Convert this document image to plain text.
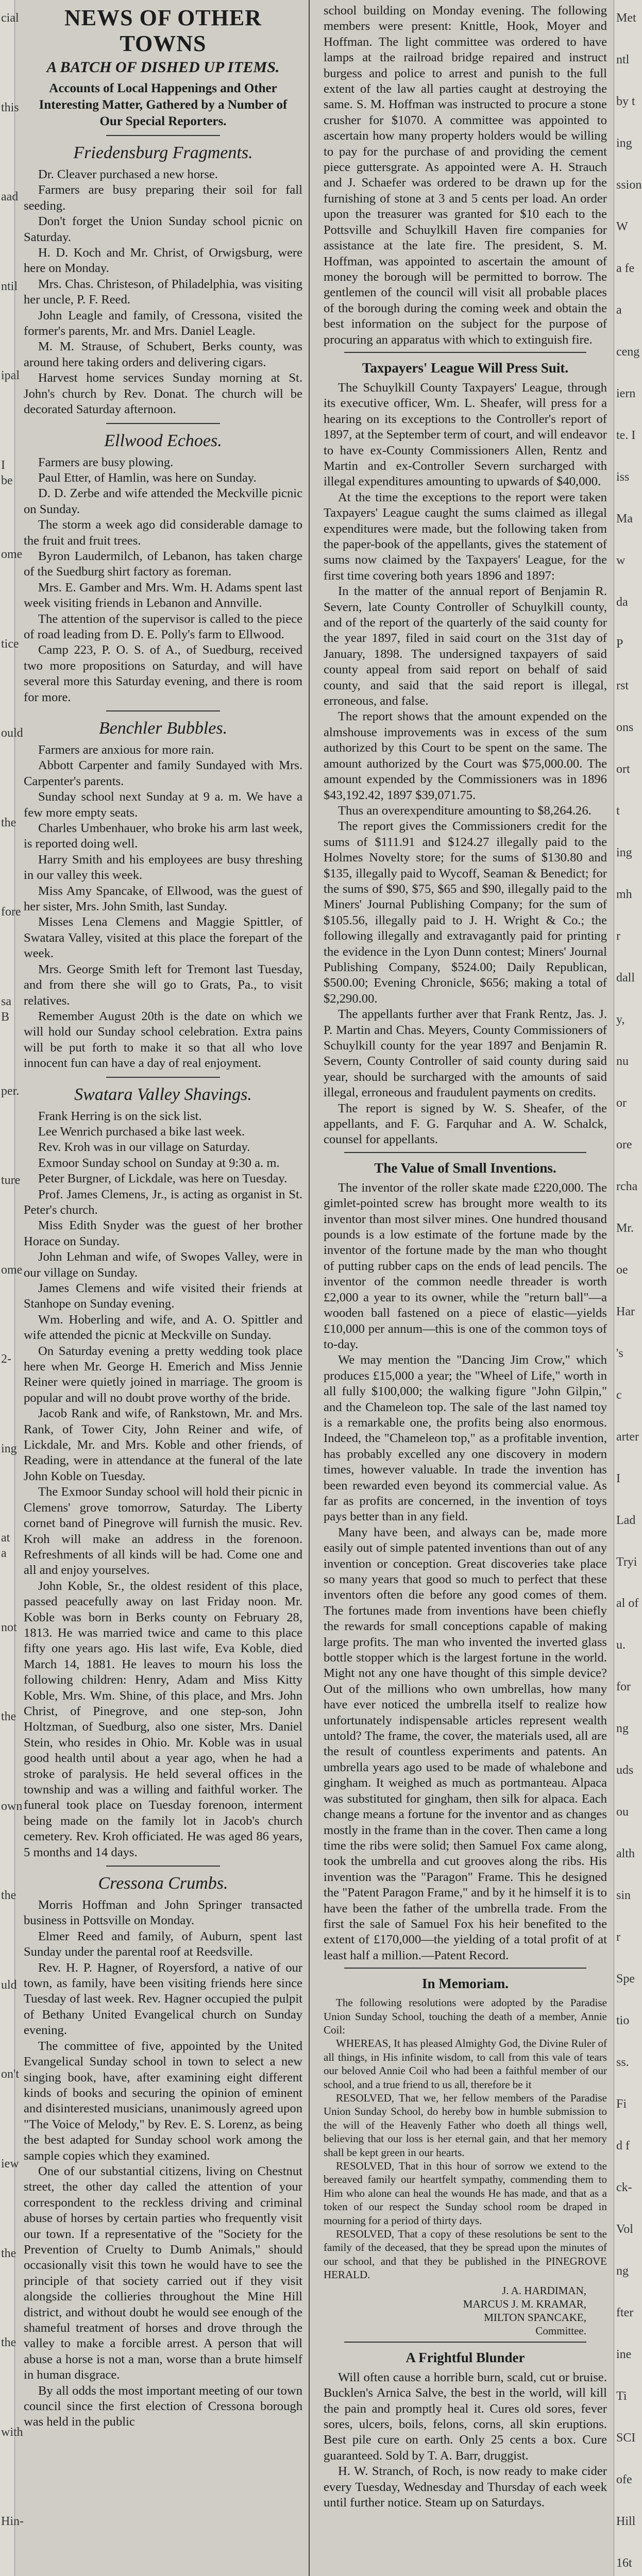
cial
this
aad
ntil
ipal
I be
ome
tice
ould
the
fore
sa B
per.
ture
ome
2-
ing
at a
not
the
own
the
uld
on't
iew
the
the
with
Hin-
Met
ntl
by t
ing
ssion
W
a fe
a
ceng
iern
te. I
iss
Ma
w
da
P
rst
ons
ort
t
ing
mh
r
dall
y,
nu
or
ore
rcha
Mr.
oe
Har
's
c
arter
I
Lad
Tryi
al of
u.
for
ng
uds
ou
alth
sin
r
Spe
tio
ss.
Fi
d f
ck-
Vol
ng
fter
ine
Ti
SCI
ofe
Hill
16t
NEWS OF OTHER TOWNS
A BATCH OF DISHED UP ITEMS.
Accounts of Local Happenings and Other Interesting Matter, Gathered by a Number of Our Special Reporters.
Friedensburg Fragments.

Dr. Cleaver purchased a new horse.

Farmers are busy preparing their soil for fall seeding.

Don't forget the Union Sunday school picnic on Saturday.

H. D. Koch and Mr. Christ, of Orwigsburg, were here on Monday.

Mrs. Chas. Christeson, of Philadelphia, was visiting her uncle, P. F. Reed.

John Leagle and family, of Cressona, visited the former's parents, Mr. and Mrs. Daniel Leagle.

M. M. Strause, of Schubert, Berks county, was around here taking orders and delivering cigars.

Harvest home services Sunday morning at St. John's church by Rev. Donat. The church will be decorated Saturday afternoon.

Ellwood Echoes.

Farmers are busy plowing.

Paul Etter, of Hamlin, was here on Sunday.

D. D. Zerbe and wife attended the Meckville picnic on Sunday.

The storm a week ago did considerable damage to the fruit and fruit trees.

Byron Laudermilch, of Lebanon, has taken charge of the Suedburg shirt factory as foreman.

Mrs. E. Gamber and Mrs. Wm. H. Adams spent last week visiting friends in Lebanon and Annville.

The attention of the supervisor is called to the piece of road leading from D. E. Polly's farm to Ellwood.

Camp 223, P. O. S. of A., of Suedburg, received two more propositions on Saturday, and will have several more this Saturday evening, and there is room for more.

Benchler Bubbles.

Farmers are anxious for more rain.

Abbott Carpenter and family Sundayed with Mrs. Carpenter's parents.

Sunday school next Sunday at 9 a. m. We have a few more empty seats.

Charles Umbenhauer, who broke his arm last week, is reported doing well.

Harry Smith and his employees are busy threshing in our valley this week.

Miss Amy Spancake, of Ellwood, was the guest of her sister, Mrs. John Smith, last Sunday.

Misses Lena Clemens and Maggie Spittler, of Swatara Valley, visited at this place the forepart of the week.

Mrs. George Smith left for Tremont last Tuesday, and from there she will go to Grats, Pa., to visit relatives.

Remember August 20th is the date on which we will hold our Sunday school celebration. Extra pains will be put forth to make it so that all who love innocent fun can have a day of real enjoyment.

Swatara Valley Shavings.

Frank Herring is on the sick list.

Lee Wenrich purchased a bike last week.

Rev. Kroh was in our village on Saturday.

Exmoor Sunday school on Sunday at 9:30 a. m.

Peter Burgner, of Lickdale, was here on Tuesday.

Prof. James Clemens, Jr., is acting as organist in St. Peter's church.

Miss Edith Snyder was the guest of her brother Horace on Sunday.

John Lehman and wife, of Swopes Valley, were in our village on Sunday.

James Clemens and wife visited their friends at Stanhope on Sunday evening.

Wm. Hoberling and wife, and A. O. Spittler and wife attended the picnic at Meckville on Sunday.

On Saturday evening a pretty wedding took place here when Mr. George H. Emerich and Miss Jennie Reiner were quietly joined in marriage. The groom is popular and will no doubt prove worthy of the bride.

Jacob Rank and wife, of Rankstown, Mr. and Mrs. Rank, of Tower City, John Reiner and wife, of Lickdale, Mr. and Mrs. Koble and other friends, of Reading, were in attendance at the funeral of the late John Koble on Tuesday.

The Exmoor Sunday school will hold their picnic in Clemens' grove tomorrow, Saturday. The Liberty cornet band of Pinegrove will furnish the music. Rev. Kroh will make an address in the forenoon. Refreshments of all kinds will be had. Come one and all and enjoy yourselves.

John Koble, Sr., the oldest resident of this place, passed peacefully away on last Friday noon. Mr. Koble was born in Berks county on February 28, 1813. He was married twice and came to this place fifty one years ago. His last wife, Eva Koble, died March 14, 1881. He leaves to mourn his loss the following children: Henry, Adam and Miss Kitty Koble, Mrs. Wm. Shine, of this place, and Mrs. John Christ, of Pinegrove, and one step-son, John Holtzman, of Suedburg, also one sister, Mrs. Daniel Stein, who resides in Ohio. Mr. Koble was in usual good health until about a year ago, when he had a stroke of paralysis. He held several offices in the township and was a willing and faithful worker. The funeral took place on Tuesday forenoon, interment being made on the family lot in Jacob's church cemetery. Rev. Kroh officiated. He was aged 86 years, 5 months and 14 days.

Cressona Crumbs.

Morris Hoffman and John Springer transacted business in Pottsville on Monday.

Elmer Reed and family, of Auburn, spent last Sunday under the parental roof at Reedsville.

Rev. H. P. Hagner, of Royersford, a native of our town, as family, have been visiting friends here since Tuesday of last week. Rev. Hagner occupied the pulpit of Bethany United Evangelical church on Sunday evening.

The committee of five, appointed by the United Evangelical Sunday school in town to select a new singing book, have, after examining eight different kinds of books and securing the opinion of eminent and disinterested musicians, unanimously agreed upon "The Voice of Melody," by Rev. E. S. Lorenz, as being the best adapted for Sunday school work among the sample copies which they examined.

One of our substantial citizens, living on Chestnut street, the other day called the attention of your correspondent to the reckless driving and criminal abuse of horses by certain parties who frequently visit our town. If a representative of the "Society for the Prevention of Cruelty to Dumb Animals," should occasionally visit this town he would have to see the principle of that society carried out if they visit alongside the collieries throughout the Mine Hill district, and without doubt he would see enough of the shameful treatment of horses and drove through the valley to make a forcible arrest. A person that will abuse a horse is not a man, worse than a brute himself in human disgrace.

By all odds the most important meeting of our town council since the first election of Cressona borough was held in the public

school building on Monday evening. The following members were present: Knittle, Hook, Moyer and Hoffman. The light committee was ordered to have lamps at the railroad bridge repaired and instruct burgess and police to arrest and punish to the full extent of the law all parties caught at destroying the same. S. M. Hoffman was instructed to procure a stone crusher for $1070. A committee was appointed to ascertain how many property holders would be willing to pay for the purchase of and providing the cement piece guttersgrate. As appointed were A. H. Strauch and J. Schaefer was ordered to be drawn up for the furnishing of stone at 3 and 5 cents per load. An order upon the treasurer was granted for $10 each to the Pottsville and Schuylkill Haven fire companies for assistance at the late fire. The president, S. M. Hoffman, was appointed to ascertain the amount of money the borough will be permitted to borrow. The gentlemen of the council will visit all probable places of the borough during the coming week and obtain the best information on the subject for the purpose of procuring an apparatus with which to extinguish fire.

Taxpayers' League Will Press Suit.

The Schuylkill County Taxpayers' League, through its executive officer, Wm. L. Sheafer, will press for a hearing on its exceptions to the Controller's report of 1897, at the September term of court, and will endeavor to have ex-County Commissioners Allen, Rentz and Martin and ex-Controller Severn surcharged with illegal expenditures amounting to upwards of $40,000.

At the time the exceptions to the report were taken Taxpayers' League caught the sums claimed as illegal expenditures were made, but the following taken from the paper-book of the appellants, gives the statement of sums now claimed by the Taxpayers' League, for the first time covering both years 1896 and 1897:

In the matter of the annual report of Benjamin R. Severn, late County Controller of Schuylkill county, and of the report of the quarterly of the said county for the year 1897, filed in said court on the 31st day of January, 1898. The undersigned taxpayers of said county appeal from said report on behalf of said county, and said that the said report is illegal, erroneous, and false.

The report shows that the amount expended on the almshouse improvements was in excess of the sum authorized by this Court to be spent on the same. The amount authorized by the Court was $75,000.00. The amount expended by the Commissioners was in 1896 $43,192.42, 1897 $39,071.75.

Thus an overexpenditure amounting to $8,264.26.

The report gives the Commissioners credit for the sums of $111.91 and $124.27 illegally paid to the Holmes Novelty store; for the sums of $130.80 and $135, illegally paid to Wycoff, Seaman & Benedict; for the sums of $90, $75, $65 and $90, illegally paid to the Miners' Journal Publishing Company; for the sum of $105.56, illegally paid to J. H. Wright & Co.; the following illegally and extravagantly paid for printing the evidence in the Lyon Dunn contest; Miners' Journal Publishing Company, $524.00; Daily Republican, $500.00; Evening Chronicle, $656; making a total of $2,290.00.

The appellants further aver that Frank Rentz, Jas. J. P. Martin and Chas. Meyers, County Commissioners of Schuylkill county for the year 1897 and Benjamin R. Severn, County Controller of said county during said year, should be surcharged with the amounts of said illegal, erroneous and fraudulent payments on credits.

The report is signed by W. S. Sheafer, of the appellants, and F. G. Farquhar and A. W. Schalck, counsel for appellants.

The Value of Small Inventions.

The inventor of the roller skate made £220,000. The gimlet-pointed screw has brought more wealth to its inventor than most silver mines. One hundred thousand pounds is a low estimate of the fortune made by the inventor of the fortune made by the man who thought of putting rubber caps on the ends of lead pencils. The inventor of the common needle threader is worth £2,000 a year to its owner, while the "return ball"—a wooden ball fastened on a piece of elastic—yields £10,000 per annum—this is one of the common toys of to-day.

We may mention the "Dancing Jim Crow," which produces £15,000 a year; the "Wheel of Life," worth in all fully $100,000; the walking figure "John Gilpin," and the Chameleon top. The sale of the last named toy is a remarkable one, the profits being also enormous. Indeed, the "Chameleon top," as a profitable invention, has probably excelled any one discovery in modern times, however valuable. In trade the invention has been rewarded even beyond its commercial value. As far as profits are concerned, in the invention of toys pays better than in any field.

Many have been, and always can be, made more easily out of simple patented inventions than out of any invention or conception. Great discoveries take place so many years that good so much to perfect that these inventors often die before any good comes of them. The fortunes made from inventions have been chiefly the rewards for small conceptions capable of making large profits. The man who invented the inverted glass bottle stopper which is the largest fortune in the world. Might not any one have thought of this simple device? Out of the millions who own umbrellas, how many have ever noticed the umbrella itself to realize how unfortunately indispensable articles represent wealth untold? The frame, the cover, the materials used, all are the result of countless experiments and patents. An umbrella years ago used to be made of whalebone and gingham. It weighed as much as portmanteau. Alpaca was substituted for gingham, then silk for alpaca. Each change means a fortune for the inventor and as changes mostly in the frame than in the cover. Then came a long time the ribs were solid; then Samuel Fox came along, took the umbrella and cut grooves along the ribs. His invention was the "Paragon" Frame. This he designed the "Patent Paragon Frame," and by it he himself it is to have been the father of the umbrella trade. From the first the sale of Samuel Fox his heir benefited to the extent of £170,000—the yielding of a total profit of at least half a million.—Patent Record.

In Memoriam.

The following resolutions were adopted by the Paradise Union Sunday School, touching the death of a member, Annie Coil:

WHEREAS, It has pleased Almighty God, the Divine Ruler of all things, in His infinite wisdom, to call from this vale of tears our beloved Annie Coil who had been a faithful member of our school, and a true friend to us all, therefore be it

RESOLVED, That we, her fellow members of the Paradise Union Sunday School, do hereby bow in humble submission to the will of the Heavenly Father who doeth all things well, believing that our loss is her eternal gain, and that her memory shall be kept green in our hearts.

RESOLVED, That in this hour of sorrow we extend to the bereaved family our heartfelt sympathy, commending them to Him who alone can heal the wounds He has made, and that as a token of our respect the Sunday school room be draped in mourning for a period of thirty days.

RESOLVED, That a copy of these resolutions be sent to the family of the deceased, that they be spread upon the minutes of our school, and that they be published in the PINEGROVE HERALD.

J. A. HARDIMAN,
MARCUS J. M. KRAMAR,
MILTON SPANCAKE,
Committee.
A Frightful Blunder

Will often cause a horrible burn, scald, cut or bruise. Bucklen's Arnica Salve, the best in the world, will kill the pain and promptly heal it. Cures old sores, fever sores, ulcers, boils, felons, corns, all skin eruptions. Best pile cure on earth. Only 25 cents a box. Cure guaranteed. Sold by T. A. Barr, druggist.

H. W. Stranch, of Roch, is now ready to make cider every Tuesday, Wednesday and Thursday of each week until further notice. Steam up on Saturdays.
